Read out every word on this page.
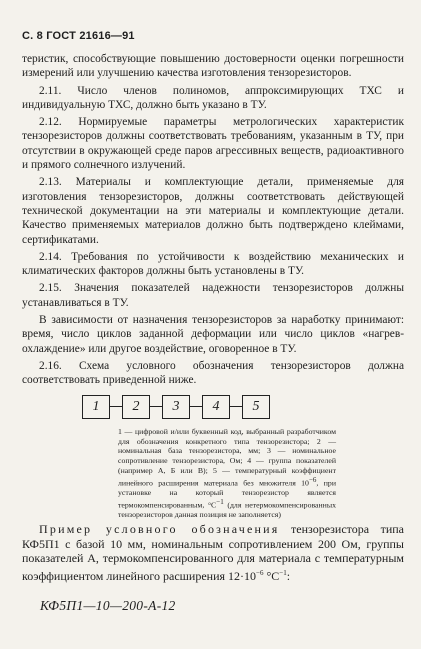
С. 8 ГОСТ 21616—91

теристик, способствующие повышению достоверности оценки погрешности измерений или улучшению качества изготовления тензорезисторов.

2.11. Число членов полиномов, аппроксимирующих ТХС и индивидуальную ТХС, должно быть указано в ТУ.

2.12. Нормируемые параметры метрологических характеристик тензорезисторов должны соответствовать требованиям, указанным в ТУ, при отсутствии в окружающей среде паров агрессивных веществ, радиоактивного и прямого солнечного излучений.

2.13. Материалы и комплектующие детали, применяемые для изготовления тензорезисторов, должны соответствовать действующей технической документации на эти материалы и комплектующие детали. Качество применяемых материалов должно быть подтверждено клеймами, сертификатами.

2.14. Требования по устойчивости к воздействию механических и климатических факторов должны быть установлены в ТУ.

2.15. Значения показателей надежности тензорезисторов должны устанавливаться в ТУ.

В зависимости от назначения тензорезисторов за наработку принимают: время, число циклов заданной деформации или число циклов «нагрев-охлаждение» или другое воздействие, оговоренное в ТУ.

2.16. Схема условного обозначения тензорезисторов должна соответствовать приведенной ниже.

1	2	3	4	5
1 — цифровой и/или буквенный код, выбранный разработчиком для обозначения конкретного типа тензорезистора; 2 — номинальная база тензорезистора, мм; 3 — номинальное сопротивление тензорезистора, Ом; 4 — группа показателей (например А, Б или В); 5 — температурный коэффициент линейного расширения материала без множителя $10^{-6}$, при установке на который тензорезистор является термокомпенсированным, $^\circ С^{-1}$ (для нетермокомпенсированных тензорезисторов данная позиция не заполняется)
Пример условного обозначения тензорезистора типа КФ5П1 с базой 10 мм, номинальным сопротивлением 200 Ом, группы показателей А, термокомпенсированного для материала с температурным коэффициентом линейного расширения $12\cdot 10^{-6}$ $^\circ С^{-1}$:
КФ5П1—10—200-А-12
